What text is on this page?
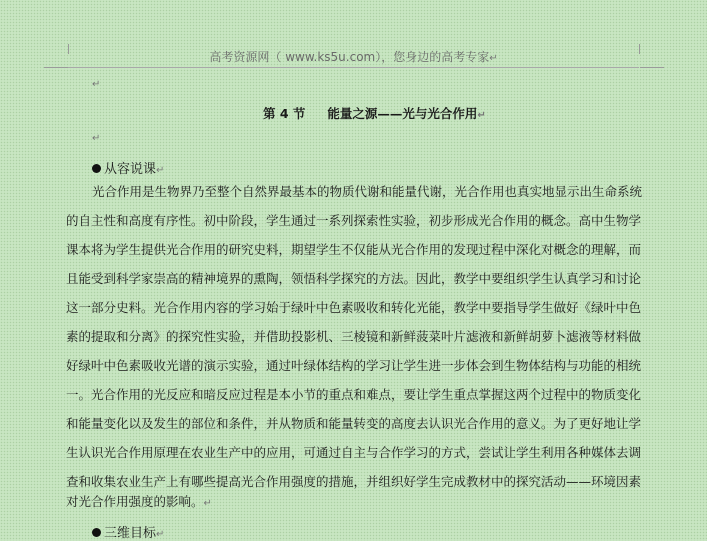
高考资源网（ www.ks5u.com），您身边的高考专家↵
↵
第 4 节 能量之源——光与光合作用↵
↵
从容说课↵
光合作用是生物界乃至整个自然界最基本的物质代谢和能量代谢，光合作用也真实地显示出生命系统
的自主性和高度有序性。初中阶段，学生通过一系列探索性实验，初步形成光合作用的概念。高中生物学
课本将为学生提供光合作用的研究史料，期望学生不仅能从光合作用的发现过程中深化对概念的理解，而
且能受到科学家崇高的精神境界的熏陶，领悟科学探究的方法。因此，教学中要组织学生认真学习和讨论
这一部分史料。光合作用内容的学习始于绿叶中色素吸收和转化光能，教学中要指导学生做好《绿叶中色
素的提取和分离》的探究性实验，并借助投影机、三棱镜和新鲜菠菜叶片滤液和新鲜胡萝卜滤液等材料做
好绿叶中色素吸收光谱的演示实验，通过叶绿体结构的学习让学生进一步体会到生物体结构与功能的相统
一。光合作用的光反应和暗反应过程是本小节的重点和难点，要让学生重点掌握这两个过程中的物质变化
和能量变化以及发生的部位和条件，并从物质和能量转变的高度去认识光合作用的意义。为了更好地让学
生认识光合作用原理在农业生产中的应用，可通过自主与合作学习的方式，尝试让学生利用各种媒体去调
查和收集农业生产上有哪些提高光合作用强度的措施，并组织好学生完成教材中的探究活动——环境因素
对光合作用强度的影响。↵
三维目标↵
